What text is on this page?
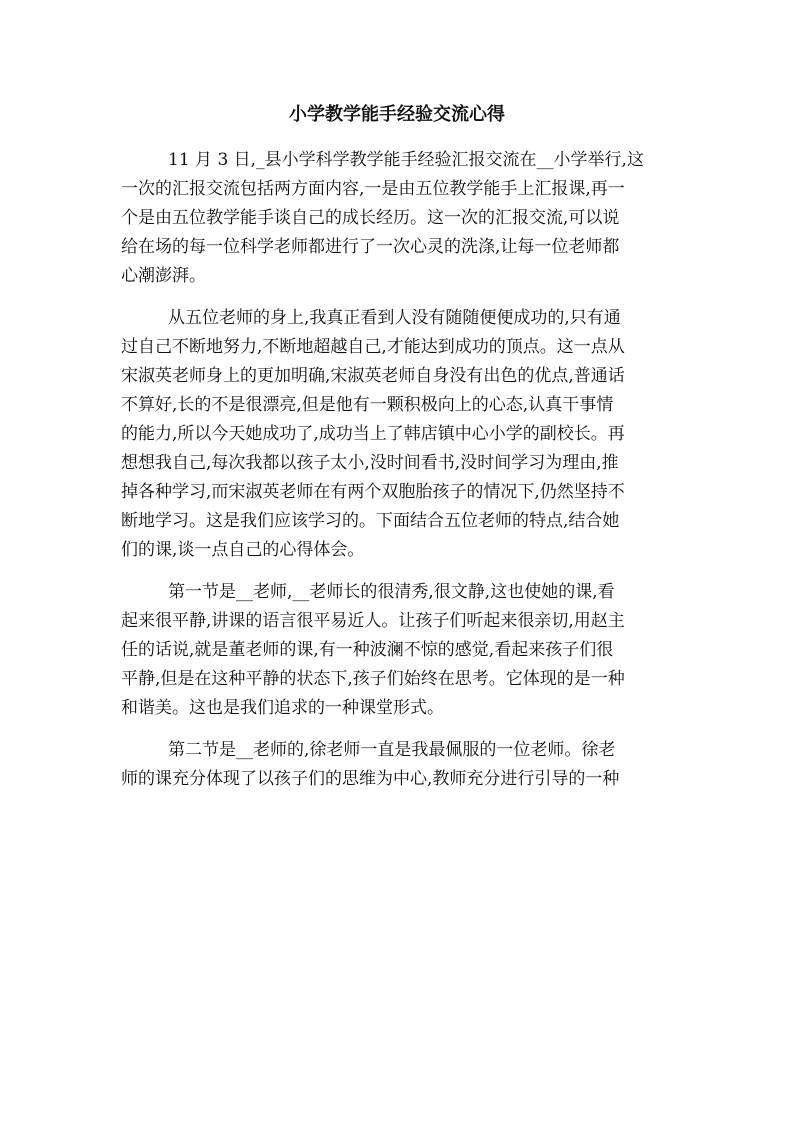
小学教学能手经验交流心得

11 月 3 日,_县小学科学教学能手经验汇报交流在__小学举行,这
一次的汇报交流包括两方面内容,一是由五位教学能手上汇报课,再一
个是由五位教学能手谈自己的成长经历。这一次的汇报交流,可以说
给在场的每一位科学老师都进行了一次心灵的洗涤,让每一位老师都
心潮澎湃。

从五位老师的身上,我真正看到人没有随随便便成功的,只有通
过自己不断地努力,不断地超越自己,才能达到成功的顶点。这一点从
宋淑英老师身上的更加明确,宋淑英老师自身没有出色的优点,普通话
不算好,长的不是很漂亮,但是他有一颗积极向上的心态,认真干事情
的能力,所以今天她成功了,成功当上了韩店镇中心小学的副校长。再
想想我自己,每次我都以孩子太小,没时间看书,没时间学习为理由,推
掉各种学习,而宋淑英老师在有两个双胞胎孩子的情况下,仍然坚持不
断地学习。这是我们应该学习的。下面结合五位老师的特点,结合她
们的课,谈一点自己的心得体会。

第一节是__老师,__老师长的很清秀,很文静,这也使她的课,看
起来很平静,讲课的语言很平易近人。让孩子们听起来很亲切,用赵主
任的话说,就是董老师的课,有一种波澜不惊的感觉,看起来孩子们很
平静,但是在这种平静的状态下,孩子们始终在思考。它体现的是一种
和谐美。这也是我们追求的一种课堂形式。

第二节是__老师的,徐老师一直是我最佩服的一位老师。徐老
师的课充分体现了以孩子们的思维为中心,教师充分进行引导的一种
